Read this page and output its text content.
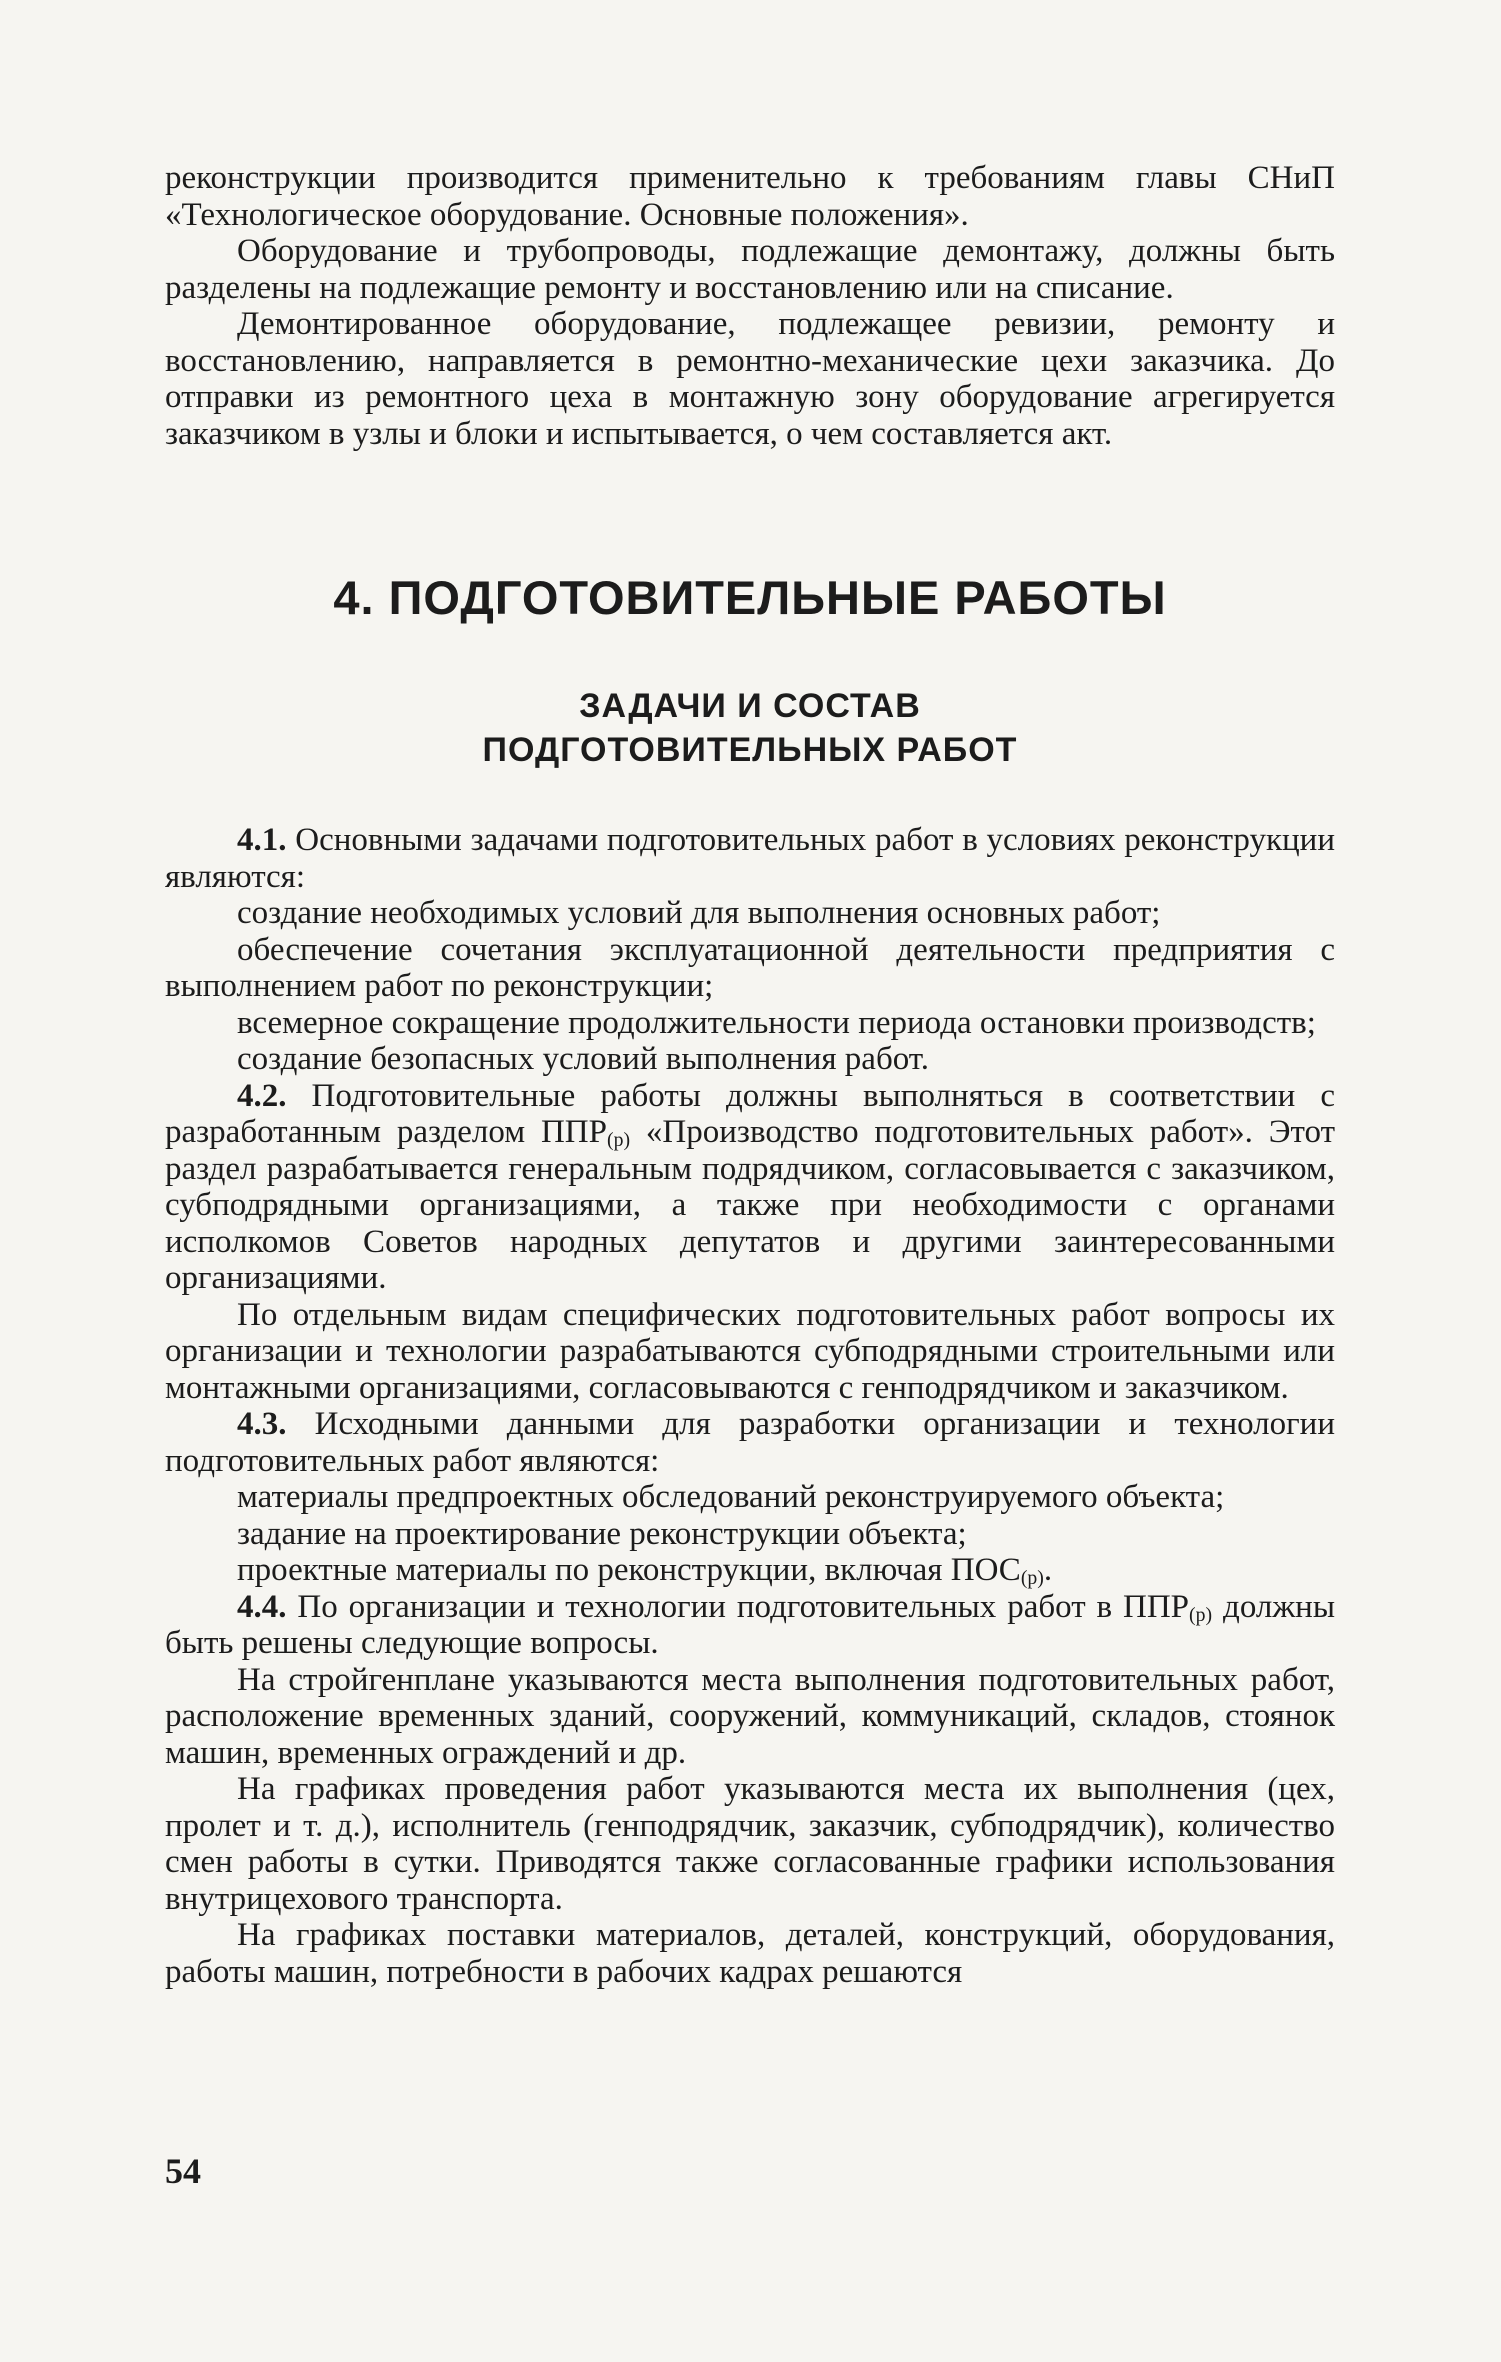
реконструкции производится применительно к требованиям главы СНиП «Технологическое оборудование. Основные положения».

Оборудование и трубопроводы, подлежащие демонтажу, должны быть разделены на подлежащие ремонту и восстановлению или на списание.

Демонтированное оборудование, подлежащее ревизии, ремонту и восстановлению, направляется в ремонтно-механические цехи заказчика. До отправки из ремонтного цеха в монтажную зону оборудование агрегируется заказчиком в узлы и блоки и испытывается, о чем составляется акт.

4. ПОДГОТОВИТЕЛЬНЫЕ РАБОТЫ
ЗАДАЧИ И СОСТАВ
ПОДГОТОВИТЕЛЬНЫХ РАБОТ

4.1. Основными задачами подготовительных работ в условиях реконструкции являются:

создание необходимых условий для выполнения основных работ;

обеспечение сочетания эксплуатационной деятельности предприятия с выполнением работ по реконструкции;

всемерное сокращение продолжительности периода остановки производств;

создание безопасных условий выполнения работ.

4.2. Подготовительные работы должны выполняться в соответствии с разработанным разделом $ППР_{(р)}$ «Производство подготовительных работ». Этот раздел разрабатывается генеральным подрядчиком, согласовывается с заказчиком, субподрядными организациями, а также при необходимости с органами исполкомов Советов народных депутатов и другими заинтересованными организациями.

По отдельным видам специфических подготовительных работ вопросы их организации и технологии разрабатываются субподрядными строительными или монтажными организациями, согласовываются с генподрядчиком и заказчиком.

4.3. Исходными данными для разработки организации и технологии подготовительных работ являются:

материалы предпроектных обследований реконструируемого объекта;

задание на проектирование реконструкции объекта;

проектные материалы по реконструкции, включая $ПОС_{(р)}$.

4.4. По организации и технологии подготовительных работ в $ППР_{(р)}$ должны быть решены следующие вопросы.

На стройгенплане указываются места выполнения подготовительных работ, расположение временных зданий, сооружений, коммуникаций, складов, стоянок машин, временных ограждений и др.

На графиках проведения работ указываются места их выполнения (цех, пролет и т. д.), исполнитель (генподрядчик, заказчик, субподрядчик), количество смен работы в сутки. Приводятся также согласованные графики использования внутрицехового транспорта.

На графиках поставки материалов, деталей, конструкций, оборудования, работы машин, потребности в рабочих кадрах решаются

54
